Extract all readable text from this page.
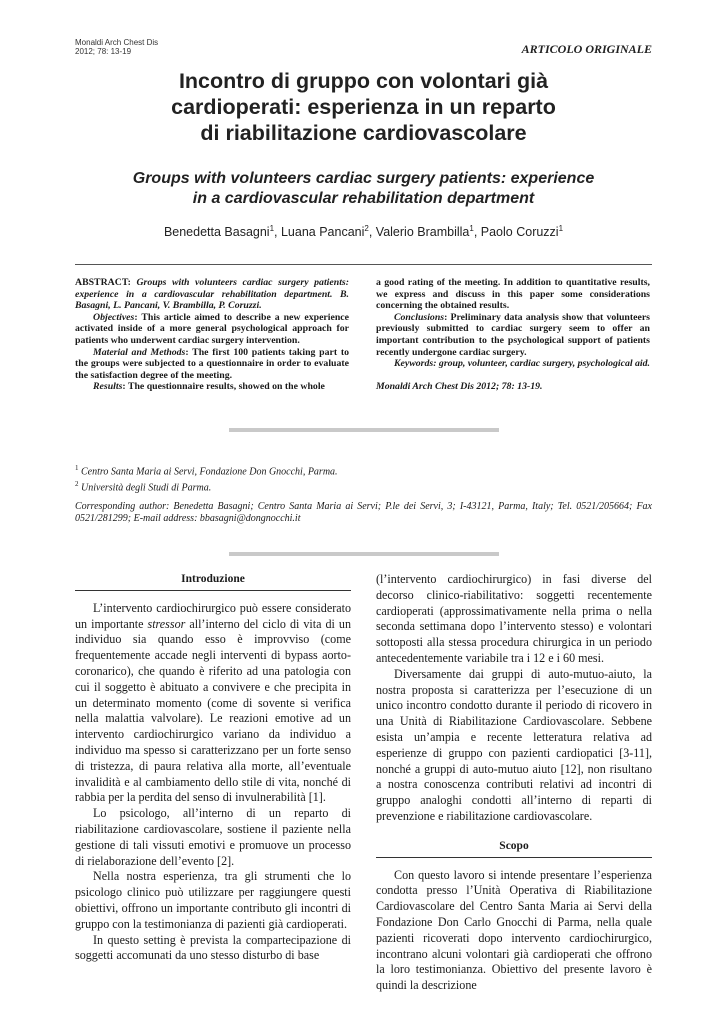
Monaldi Arch Chest Dis
2012; 78: 13-19	ARTICOLO ORIGINALE
Incontro di gruppo con volontari già
cardioperati: esperienza in un reparto
di riabilitazione cardiovascolare
Groups with volunteers cardiac surgery patients: experience
in a cardiovascular rehabilitation department
Benedetta Basagni$^1$, Luana Pancani$^2$, Valerio Brambilla$^1$, Paolo Coruzzi$^1$

ABSTRACT: Groups with volunteers cardiac surgery patients: experience in a cardiovascular rehabilitation department. B. Basagni, L. Pancani, V. Brambilla, P. Coruzzi.

Objectives: This article aimed to describe a new experience activated inside of a more general psychological approach for patients who underwent cardiac surgery intervention.

Material and Methods: The first 100 patients taking part to the groups were subjected to a questionnaire in order to evaluate the satisfaction degree of the meeting.

Results: The questionnaire results, showed on the whole

a good rating of the meeting. In addition to quantitative results, we express and discuss in this paper some considerations concerning the obtained results.

Conclusions: Preliminary data analysis show that volunteers previously submitted to cardiac surgery seem to offer an important contribution to the psychological support of patients recently undergone cardiac surgery.

Keywords: group, volunteer, cardiac surgery, psychological aid.

Monaldi Arch Chest Dis 2012; 78: 13-19.

$^1$ Centro Santa Maria ai Servi, Fondazione Don Gnocchi, Parma.
$^2$ Università degli Studi di Parma.
Corresponding author: Benedetta Basagni; Centro Santa Maria ai Servi; P.le dei Servi, 3; I-43121, Parma, Italy; Tel. 0521/205664; Fax 0521/281299; E-mail address: bbasagni@dongnocchi.it

Introduzione

L’intervento cardiochirurgico può essere considerato un importante stressor all’interno del ciclo di vita di un individuo sia quando esso è improvviso (come frequentemente accade negli interventi di bypass aorto-coronarico), che quando è riferito ad una patologia con cui il soggetto è abituato a convivere e che precipita in un determinato momento (come di sovente si verifica nella malattia valvolare). Le reazioni emotive ad un intervento cardiochirurgico variano da individuo a individuo ma spesso si caratterizzano per un forte senso di tristezza, di paura relativa alla morte, all’eventuale invalidità e al cambiamento dello stile di vita, nonché di rabbia per la perdita del senso di invulnerabilità [1].

Lo psicologo, all’interno di un reparto di riabilitazione cardiovascolare, sostiene il paziente nella gestione di tali vissuti emotivi e promuove un processo di rielaborazione dell’evento [2].

Nella nostra esperienza, tra gli strumenti che lo psicologo clinico può utilizzare per raggiungere questi obiettivi, offrono un importante contributo gli incontri di gruppo con la testimonianza di pazienti già cardioperati.

In questo setting è prevista la compartecipazione di soggetti accomunati da uno stesso disturbo di base

(l’intervento cardiochirurgico) in fasi diverse del decorso clinico-riabilitativo: soggetti recentemente cardioperati (approssimativamente nella prima o nella seconda settimana dopo l’intervento stesso) e volontari sottoposti alla stessa procedura chirurgica in un periodo antecedentemente variabile tra i 12 e i 60 mesi.

Diversamente dai gruppi di auto-mutuo-aiuto, la nostra proposta si caratterizza per l’esecuzione di un unico incontro condotto durante il periodo di ricovero in una Unità di Riabilitazione Cardiovascolare. Sebbene esista un’ampia e recente letteratura relativa ad esperienze di gruppo con pazienti cardiopatici [3-11], nonché a gruppi di auto-mutuo aiuto [12], non risultano a nostra conoscenza contributi relativi ad incontri di gruppo analoghi condotti all’interno di reparti di prevenzione e riabilitazione cardiovascolare.

Scopo

Con questo lavoro si intende presentare l’esperienza condotta presso l’Unità Operativa di Riabilitazione Cardiovascolare del Centro Santa Maria ai Servi della Fondazione Don Carlo Gnocchi di Parma, nella quale pazienti ricoverati dopo intervento cardiochirurgico, incontrano alcuni volontari già cardioperati che offrono la loro testimonianza. Obiettivo del presente lavoro è quindi la descrizione
